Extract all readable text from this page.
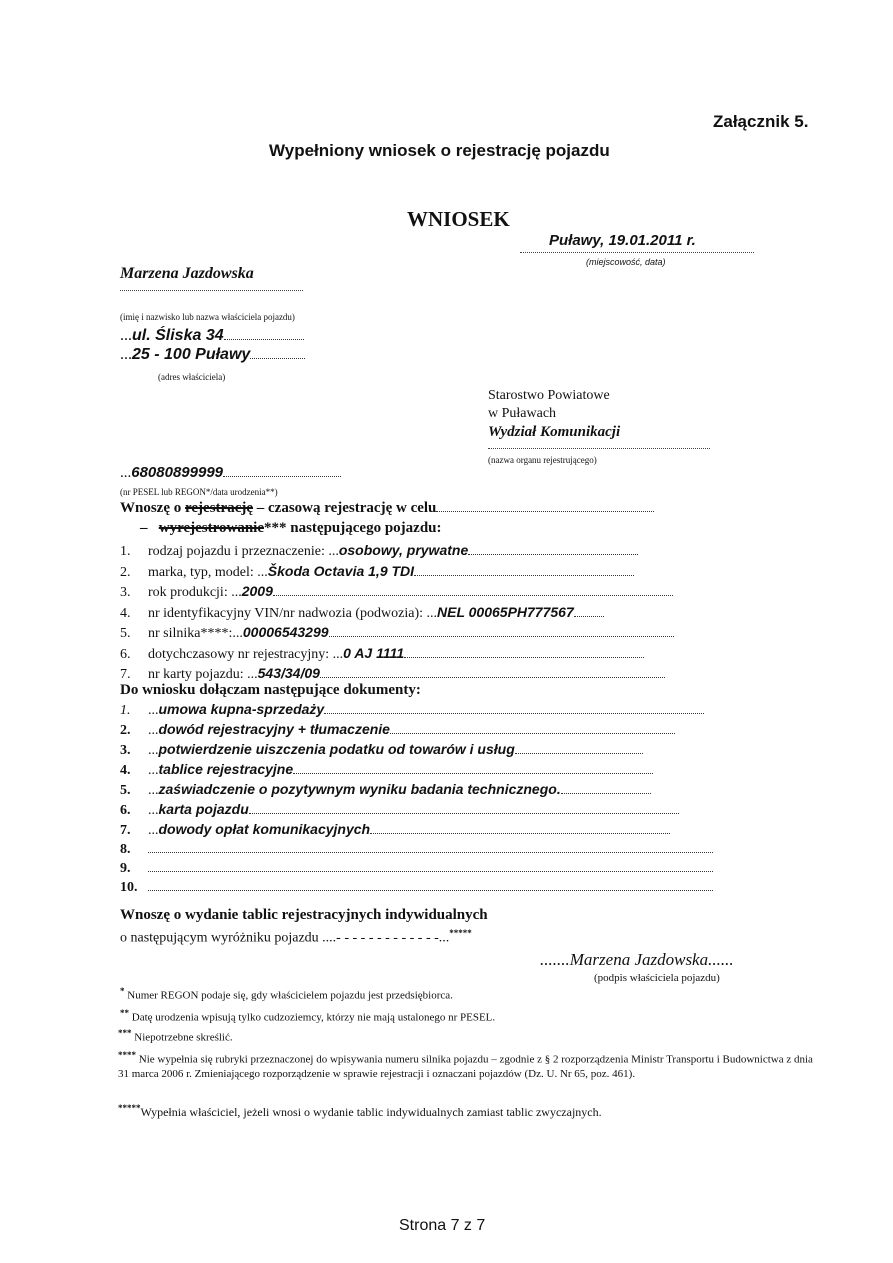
Załącznik 5.
Wypełniony wniosek o rejestrację pojazdu
WNIOSEK
Puławy, 19.01.2011 r.
(miejscowość, data)
Marzena Jazdowska
(imię i nazwisko lub nazwa właściciela pojazdu)
...ul. Śliska 34
...25 - 100 Puławy
(adres właściciela)
Starostwo Powiatowe
w Puławach
Wydział Komunikacji
(nazwa organu rejestrującego)
...68080899999
(nr PESEL lub REGON*/data urodzenia**)
Wnoszę o rejestrację – czasową rejestrację w celu
– wyrejestrowanie*** następującego pojazdu:
1. rodzaj pojazdu i przeznaczenie: ...osobowy, prywatne
2. marka, typ, model: ...Škoda Octavia 1,9 TDI
3. rok produkcji: ...2009
4. nr identyfikacyjny VIN/nr nadwozia (podwozia): ...NEL 00065PH777567
5. nr silnika****:...00006543299
6. dotychczasowy nr rejestracyjny: ...0 AJ 1111
7. nr karty pojazdu: ...543/34/09
Do wniosku dołączam następujące dokumenty:
1. ...umowa kupna-sprzedaży
2. ...dowód rejestracyjny + tłumaczenie
3. ...potwierdzenie uiszczenia podatku od towarów i usług
4. ...tablice rejestracyjne
5. ...zaświadczenie o pozytywnym wyniku badania technicznego.
6. ...karta pojazdu
7. ...dowody opłat komunikacyjnych
8.
9.
10.
Wnoszę o wydanie tablic rejestracyjnych indywidualnych
o następującym wyróżniku pojazdu ....- - - - - - - - - - - - -...*****
.......Marzena Jazdowska......
(podpis właściciela pojazdu)
* Numer REGON podaje się, gdy właścicielem pojazdu jest przedsiębiorca.
** Datę urodzenia wpisują tylko cudzoziemcy, którzy nie mają ustalonego nr PESEL.
*** Niepotrzebne skreślić.
**** Nie wypełnia się rubryki przeznaczonej do wpisywania numeru silnika pojazdu – zgodnie z § 2 rozporządzenia Ministr Transportu i Budownictwa z dnia 31 marca 2006 r. Zmieniającego rozporządzenie w sprawie rejestracji i oznaczani pojazdów (Dz. U. Nr 65, poz. 461).
*****Wypełnia właściciel, jeżeli wnosi o wydanie tablic indywidualnych zamiast tablic zwyczajnych.
Strona 7 z 7
